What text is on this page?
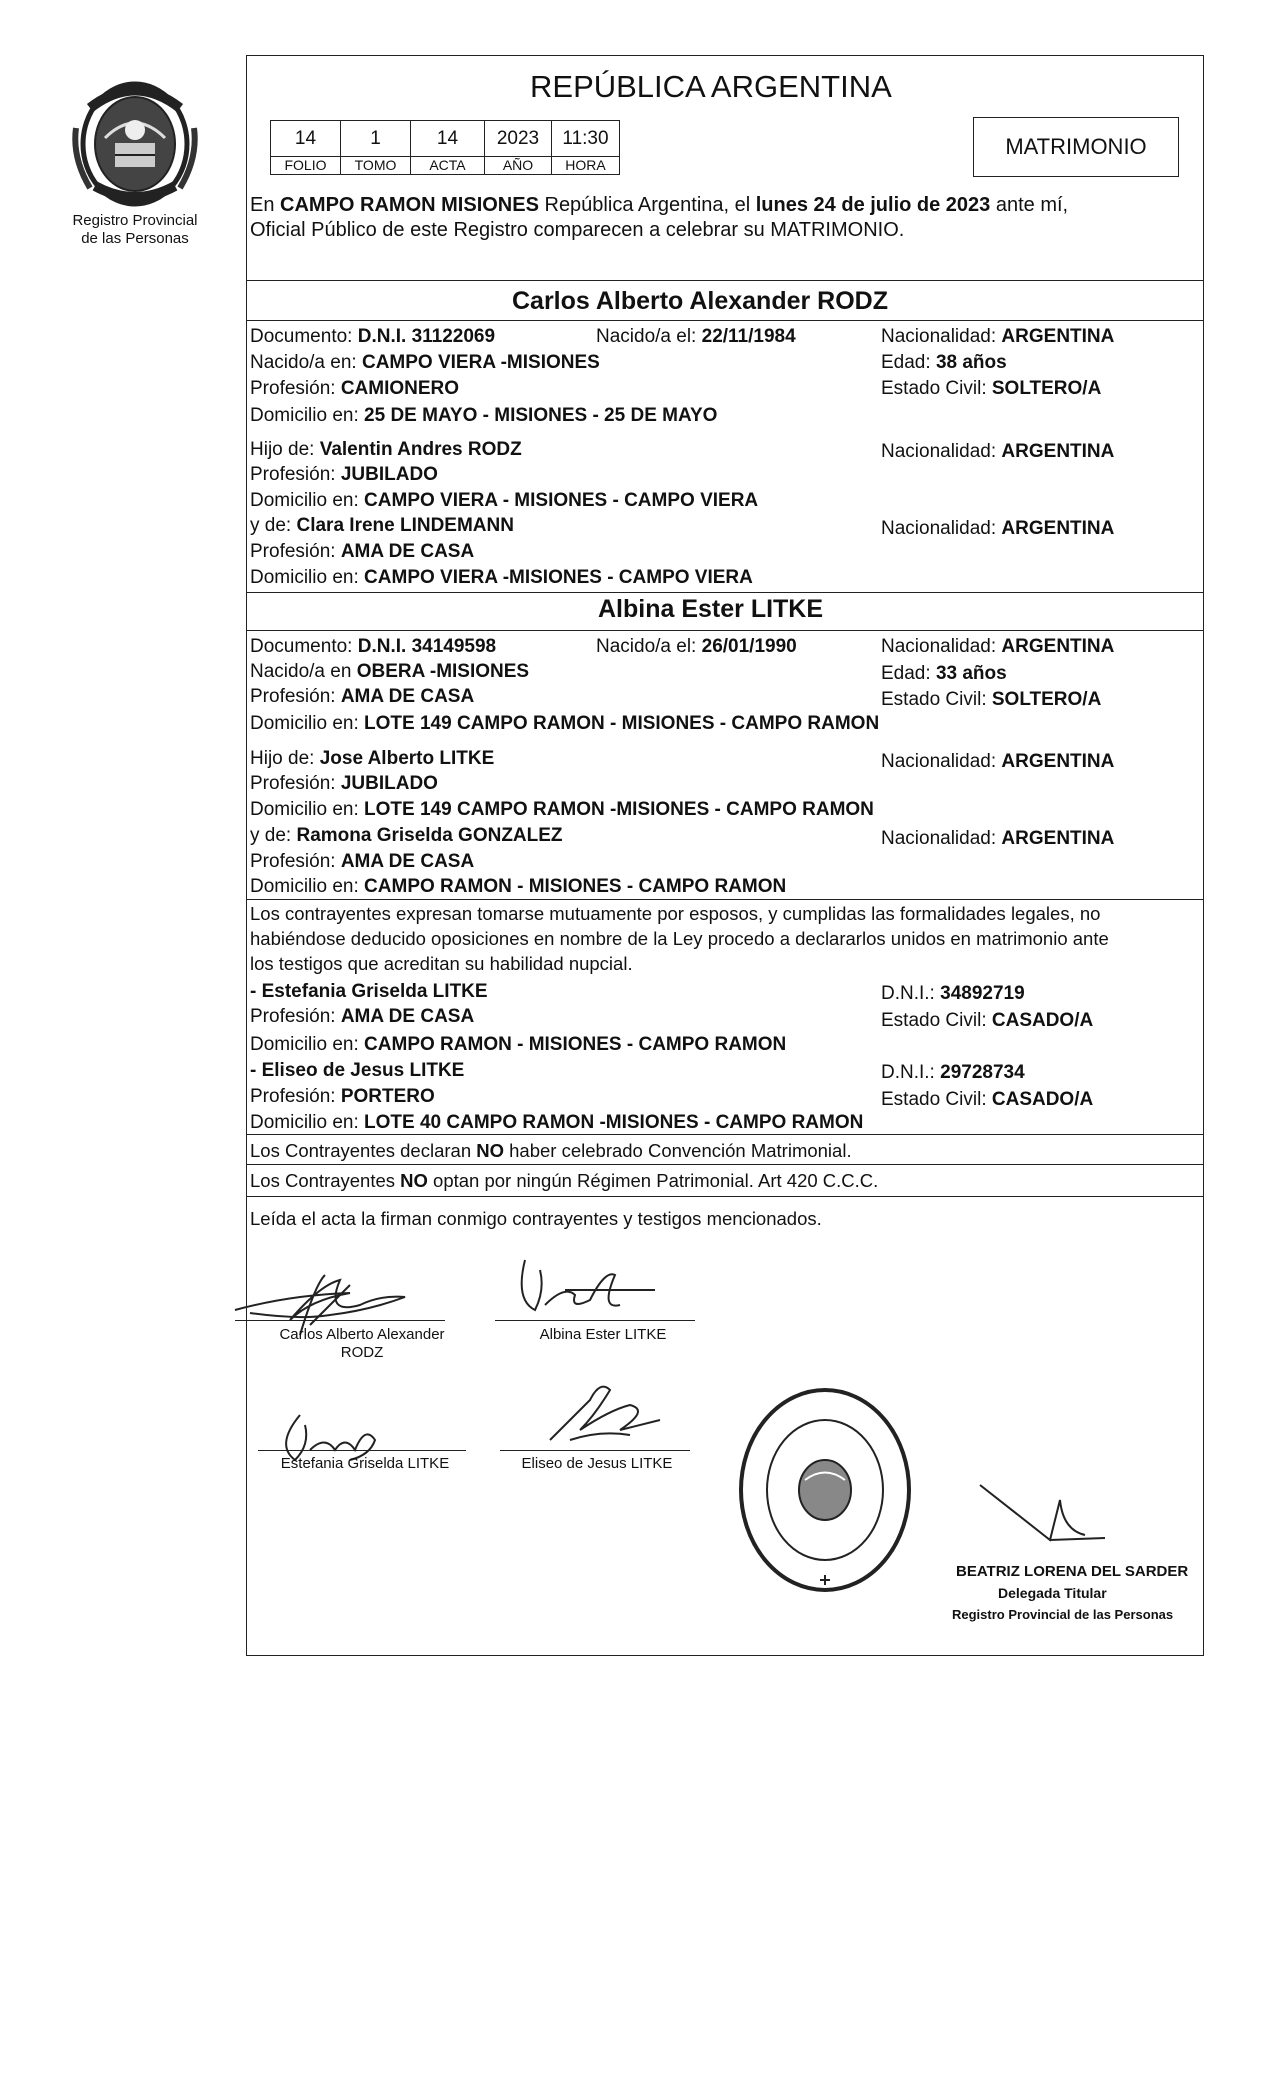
Registro Provincial
de las Personas
REPÚBLICA ARGENTINA
14	1	14	2023	11:30
FOLIO	TOMO	ACTA	AÑO	HORA
MATRIMONIO
En CAMPO RAMON MISIONES República Argentina, el lunes 24 de julio de 2023 ante mí,
Oficial Público de este Registro comparecen a celebrar su MATRIMONIO.
Carlos Alberto Alexander RODZ
Documento: D.N.I. 31122069	Nacido/a el: 22/11/1984	Nacionalidad: ARGENTINA
Nacido/a en: CAMPO VIERA -MISIONES	Edad: 38 años
Profesión: CAMIONERO	Estado Civil: SOLTERO/A
Domicilio en: 25 DE MAYO - MISIONES - 25 DE MAYO
Hijo de: Valentin Andres RODZ	Nacionalidad: ARGENTINA
Profesión: JUBILADO
Domicilio en: CAMPO VIERA - MISIONES - CAMPO VIERA
y de: Clara Irene LINDEMANN	Nacionalidad: ARGENTINA
Profesión: AMA DE CASA
Domicilio en: CAMPO VIERA -MISIONES - CAMPO VIERA
Albina Ester LITKE
Documento: D.N.I. 34149598	Nacido/a el: 26/01/1990	Nacionalidad: ARGENTINA
Nacido/a en OBERA -MISIONES	Edad: 33 años
Profesión: AMA DE CASA	Estado Civil: SOLTERO/A
Domicilio en: LOTE 149 CAMPO RAMON - MISIONES - CAMPO RAMON
Hijo de: Jose Alberto LITKE	Nacionalidad: ARGENTINA
Profesión: JUBILADO
Domicilio en: LOTE 149 CAMPO RAMON -MISIONES - CAMPO RAMON
y de: Ramona Griselda GONZALEZ	Nacionalidad: ARGENTINA
Profesión: AMA DE CASA
Domicilio en: CAMPO RAMON - MISIONES - CAMPO RAMON
Los contrayentes expresan tomarse mutuamente por esposos, y cumplidas las formalidades legales, no
habiéndose deducido oposiciones en nombre de la Ley procedo a declararlos unidos en matrimonio ante
los testigos que acreditan su habilidad nupcial.
- Estefania Griselda LITKE	D.N.I.: 34892719
Profesión: AMA DE CASA	Estado Civil: CASADO/A
Domicilio en: CAMPO RAMON - MISIONES - CAMPO RAMON
- Eliseo de Jesus LITKE	D.N.I.: 29728734
Profesión: PORTERO	Estado Civil: CASADO/A
Domicilio en: LOTE 40 CAMPO RAMON -MISIONES - CAMPO RAMON
Los Contrayentes declaran NO haber celebrado Convención Matrimonial.
Los Contrayentes NO optan por ningún Régimen Patrimonial. Art 420 C.C.C.
Leída el acta la firman conmigo contrayentes y testigos mencionados.
Carlos Alberto Alexander
RODZ
Albina Ester LITKE
Estefania Griselda LITKE	Eliseo de Jesus LITKE
BEATRIZ LORENA DEL SARDER
Delegada Titular
Registro Provincial de las Personas
